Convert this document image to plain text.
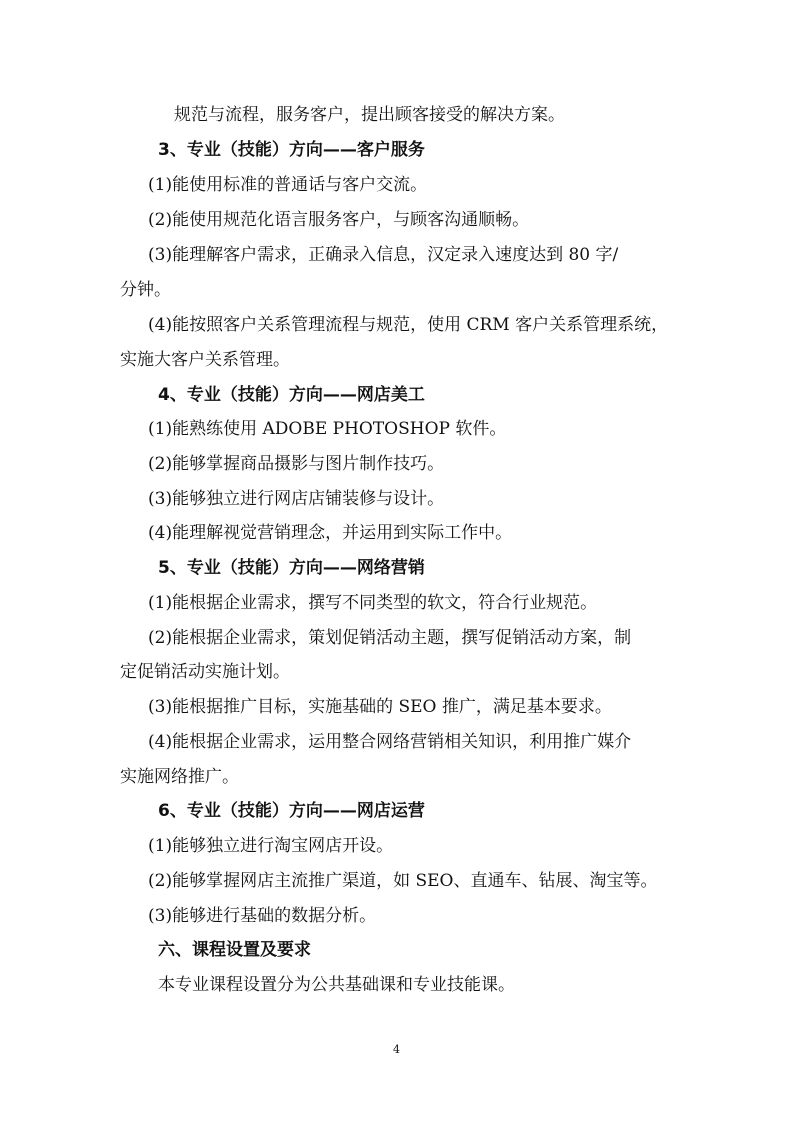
规范与流程，服务客户，提出顾客接受的解决方案。
3、专业（技能）方向——客户服务
(1)能使用标准的普通话与客户交流。
(2)能使用规范化语言服务客户，与顾客沟通顺畅。
(3)能理解客户需求，正确录入信息，汉定录入速度达到 80 字/
分钟。
(4)能按照客户关系管理流程与规范，使用 CRM 客户关系管理系统，
实施大客户关系管理。
4、专业（技能）方向——网店美工
(1)能熟练使用 ADOBE PHOTOSHOP 软件。
(2)能够掌握商品摄影与图片制作技巧。
(3)能够独立进行网店店铺装修与设计。
(4)能理解视觉营销理念，并运用到实际工作中。
5、专业（技能）方向——网络营销
(1)能根据企业需求，撰写不同类型的软文，符合行业规范。
(2)能根据企业需求，策划促销活动主题，撰写促销活动方案，制
定促销活动实施计划。
(3)能根据推广目标，实施基础的 SEO 推广，满足基本要求。
(4)能根据企业需求，运用整合网络营销相关知识，利用推广媒介
实施网络推广。
6、专业（技能）方向——网店运营
(1)能够独立进行淘宝网店开设。
(2)能够掌握网店主流推广渠道，如 SEO、直通车、钻展、淘宝等。
(3)能够进行基础的数据分析。
六、课程设置及要求
本专业课程设置分为公共基础课和专业技能课。
4
